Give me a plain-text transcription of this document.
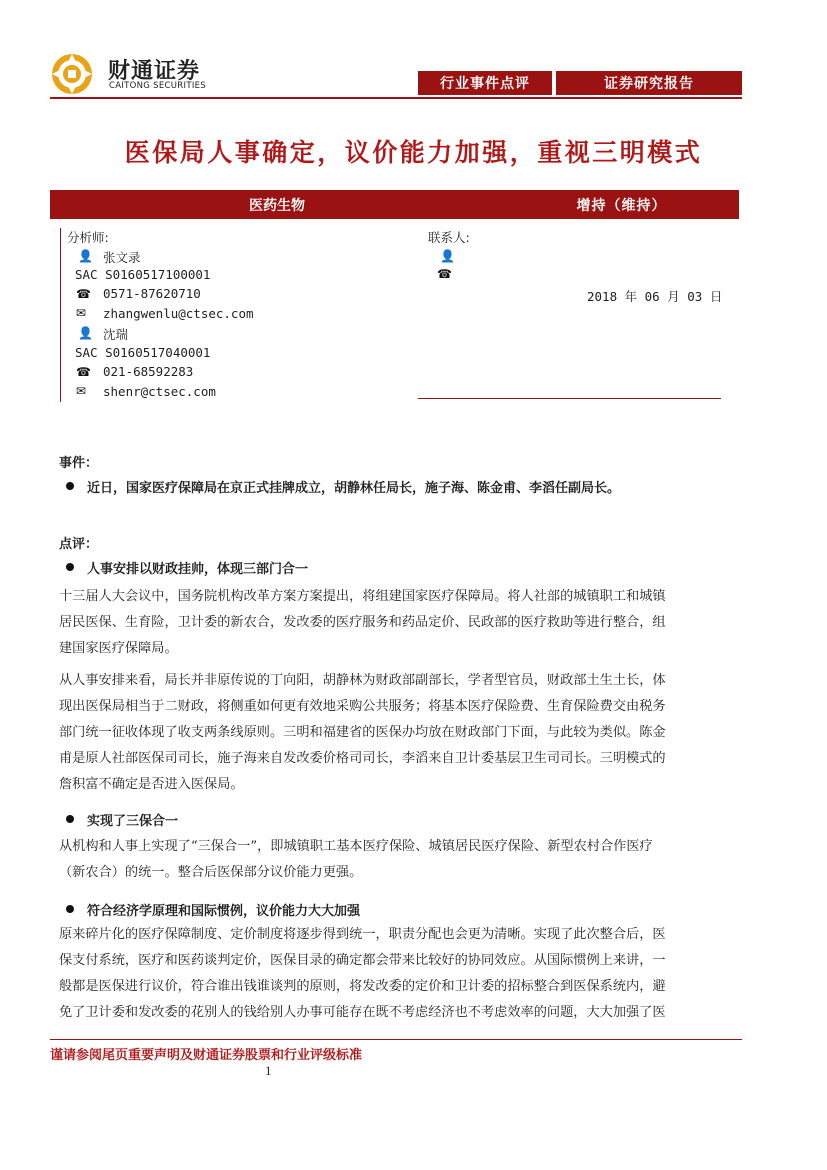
财通证券
CAITONG SECURITIES	行业事件点评	证券研究报告
医保局人事确定，议价能力加强，重视三明模式
医药生物	增持（维持）
分析师:
👤 张文录
SAC S0160517100001
☎ 0571-87620710
✉ zhangwenlu@ctsec.com
👤 沈瑞
SAC S0160517040001
☎ 021-68592283
✉ shenr@ctsec.com
联系人:
👤
☎
2018 年 06 月 03 日
事件：
近日，国家医疗保障局在京正式挂牌成立，胡静林任局长，施子海、陈金甫、李滔任副局长。
点评：
人事安排以财政挂帅，体现三部门合一
十三届人大会议中，国务院机构改革方案方案提出，将组建国家医疗保障局。将人社部的城镇职工和城镇
居民医保、生育险，卫计委的新农合，发改委的医疗服务和药品定价、民政部的医疗救助等进行整合，组
建国家医疗保障局。
从人事安排来看，局长并非原传说的丁向阳，胡静林为财政部副部长，学者型官员，财政部土生土长，体
现出医保局相当于二财政，将侧重如何更有效地采购公共服务；将基本医疗保险费、生育保险费交由税务
部门统一征收体现了收支两条线原则。三明和福建省的医保办均放在财政部门下面，与此较为类似。陈金
甫是原人社部医保司司长，施子海来自发改委价格司司长，李滔来自卫计委基层卫生司司长。三明模式的
詹积富不确定是否进入医保局。
实现了三保合一
从机构和人事上实现了“三保合一”，即城镇职工基本医疗保险、城镇居民医疗保险、新型农村合作医疗
（新农合）的统一。整合后医保部分议价能力更强。
符合经济学原理和国际惯例，议价能力大大加强
原来碎片化的医疗保障制度、定价制度将逐步得到统一，职责分配也会更为清晰。实现了此次整合后，医
保支付系统，医疗和医药谈判定价，医保目录的确定都会带来比较好的协同效应。从国际惯例上来讲，一
般都是医保进行议价，符合谁出钱谁谈判的原则，将发改委的定价和卫计委的招标整合到医保系统内，避
免了卫计委和发改委的花别人的钱给别人办事可能存在既不考虑经济也不考虑效率的问题，大大加强了医
谨请参阅尾页重要声明及财通证券股票和行业评级标准
1
